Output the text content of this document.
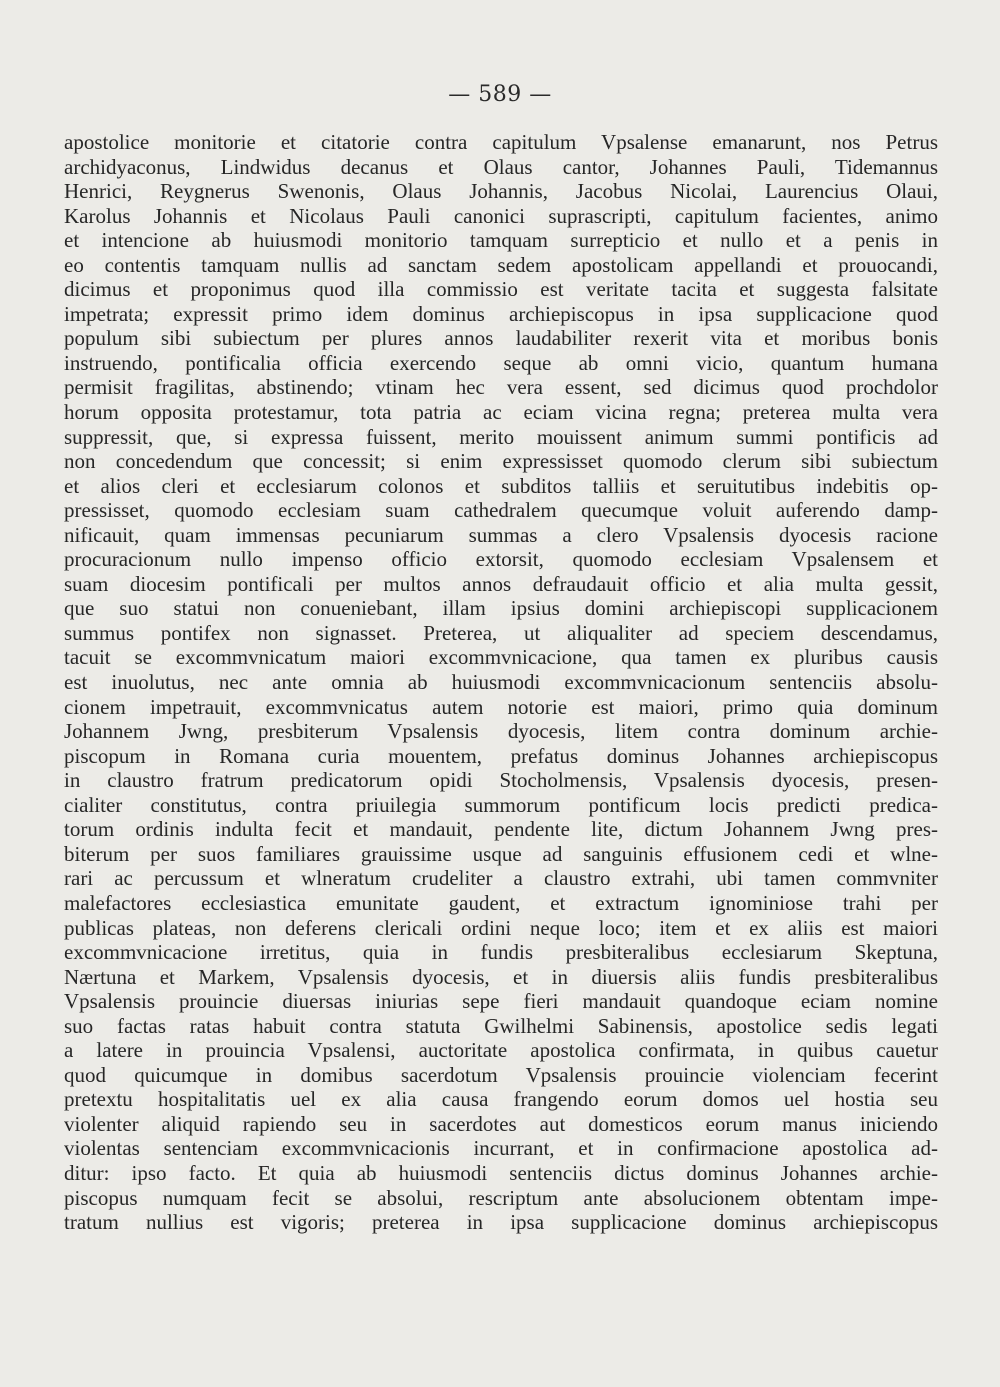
— 589 —
apostolice monitorie et citatorie contra capitulum Vpsalense emanarunt, nos Petrus
archidyaconus, Lindwidus decanus et Olaus cantor, Johannes Pauli, Tidemannus
Henrici, Reygnerus Swenonis, Olaus Johannis, Jacobus Nicolai, Laurencius Olaui,
Karolus Johannis et Nicolaus Pauli canonici suprascripti, capitulum facientes, animo
et intencione ab huiusmodi monitorio tamquam surrepticio et nullo et a penis in
eo contentis tamquam nullis ad sanctam sedem apostolicam appellandi et prouocandi,
dicimus et proponimus quod illa commissio est veritate tacita et suggesta falsitate
impetrata; expressit primo idem dominus archiepiscopus in ipsa supplicacione quod
populum sibi subiectum per plures annos laudabiliter rexerit vita et moribus bonis
instruendo, pontificalia officia exercendo seque ab omni vicio, quantum humana
permisit fragilitas, abstinendo; vtinam hec vera essent, sed dicimus quod prochdolor
horum opposita protestamur, tota patria ac eciam vicina regna; preterea multa vera
suppressit, que, si expressa fuissent, merito mouissent animum summi pontificis ad
non concedendum que concessit; si enim expressisset quomodo clerum sibi subiectum
et alios cleri et ecclesiarum colonos et subditos talliis et seruitutibus indebitis op-
pressisset, quomodo ecclesiam suam cathedralem quecumque voluit auferendo damp-
nificauit, quam immensas pecuniarum summas a clero Vpsalensis dyocesis racione
procuracionum nullo impenso officio extorsit, quomodo ecclesiam Vpsalensem et
suam diocesim pontificali per multos annos defraudauit officio et alia multa gessit,
que suo statui non conueniebant, illam ipsius domini archiepiscopi supplicacionem
summus pontifex non signasset. Preterea, ut aliqualiter ad speciem descendamus,
tacuit se excommvnicatum maiori excommvnicacione, qua tamen ex pluribus causis
est inuolutus, nec ante omnia ab huiusmodi excommvnicacionum sentenciis absolu-
cionem impetrauit, excommvnicatus autem notorie est maiori, primo quia dominum
Johannem Jwng, presbiterum Vpsalensis dyocesis, litem contra dominum archie-
piscopum in Romana curia mouentem, prefatus dominus Johannes archiepiscopus
in claustro fratrum predicatorum opidi Stocholmensis, Vpsalensis dyocesis, presen-
cialiter constitutus, contra priuilegia summorum pontificum locis predicti predica-
torum ordinis indulta fecit et mandauit, pendente lite, dictum Johannem Jwng pres-
biterum per suos familiares grauissime usque ad sanguinis effusionem cedi et wlne-
rari ac percussum et wlneratum crudeliter a claustro extrahi, ubi tamen commvniter
malefactores ecclesiastica emunitate gaudent, et extractum ignominiose trahi per
publicas plateas, non deferens clericali ordini neque loco; item et ex aliis est maiori
excommvnicacione irretitus, quia in fundis presbiteralibus ecclesiarum Skeptuna,
Nærtuna et Markem, Vpsalensis dyocesis, et in diuersis aliis fundis presbiteralibus
Vpsalensis prouincie diuersas iniurias sepe fieri mandauit quandoque eciam nomine
suo factas ratas habuit contra statuta Gwilhelmi Sabinensis, apostolice sedis legati
a latere in prouincia Vpsalensi, auctoritate apostolica confirmata, in quibus cauetur
quod quicumque in domibus sacerdotum Vpsalensis prouincie violenciam fecerint
pretextu hospitalitatis uel ex alia causa frangendo eorum domos uel hostia seu
violenter aliquid rapiendo seu in sacerdotes aut domesticos eorum manus iniciendo
violentas sentenciam excommvnicacionis incurrant, et in confirmacione apostolica ad-
ditur: ipso facto. Et quia ab huiusmodi sentenciis dictus dominus Johannes archie-
piscopus numquam fecit se absolui, rescriptum ante absolucionem obtentam impe-
tratum nullius est vigoris; preterea in ipsa supplicacione dominus archiepiscopus
